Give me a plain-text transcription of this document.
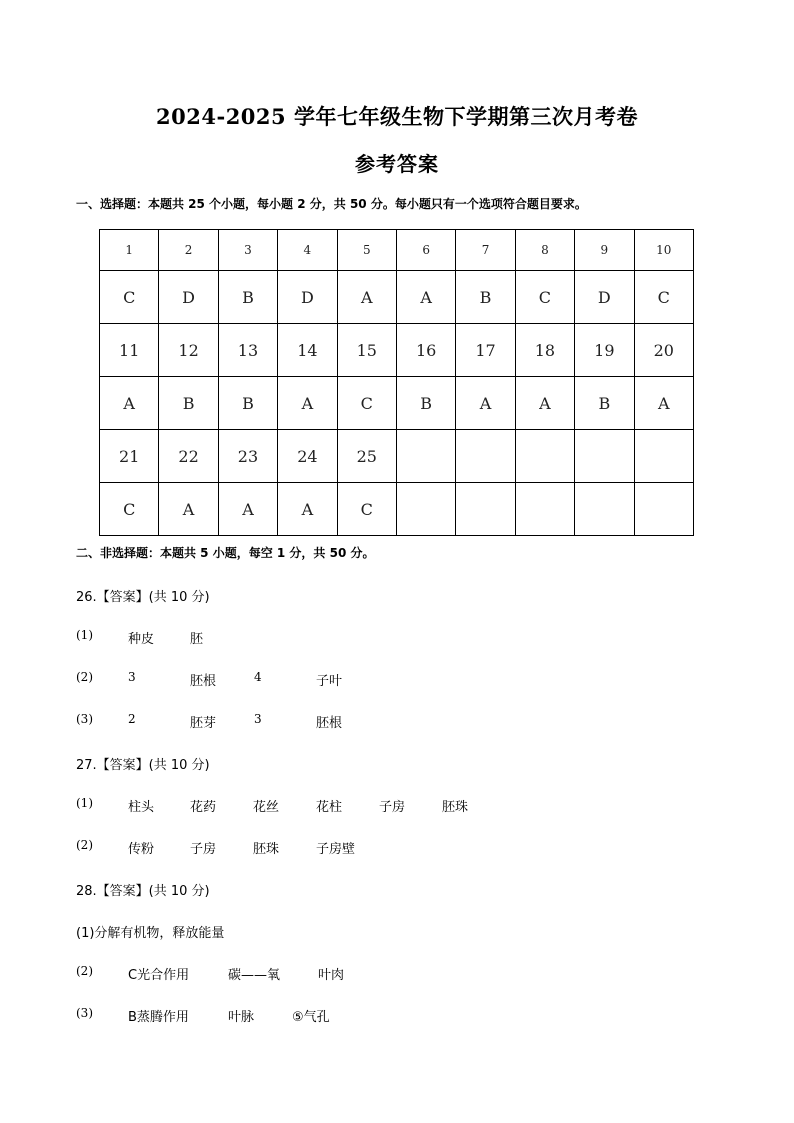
2024-2025 学年七年级生物下学期第三次月考卷
参考答案
一、选择题：本题共 25 个小题，每小题 2 分，共 50 分。每小题只有一个选项符合题目要求。
1	2	3	4	5	6	7	8	9	10
C	D	B	D	A	A	B	C	D	C
11	12	13	14	15	16	17	18	19	20
A	B	B	A	C	B	A	A	B	A
21	22	23	24	25					
C	A	A	A	C					
二、非选择题：本题共 5 小题，每空 1 分，共 50 分。
26.【答案】(共 10 分)
(1)	种皮	胚
(2)	3	胚根	4	子叶
(3)	2	胚芽	3	胚根
27.【答案】(共 10 分)
(1)	柱头	花药	花丝	花柱	子房	胚珠
(2)	传粉	子房	胚珠	子房壁
28.【答案】(共 10 分)
(1)分解有机物，释放能量
(2)	C光合作用	碳——氧	叶肉
(3)	B蒸腾作用	叶脉	⑤气孔
